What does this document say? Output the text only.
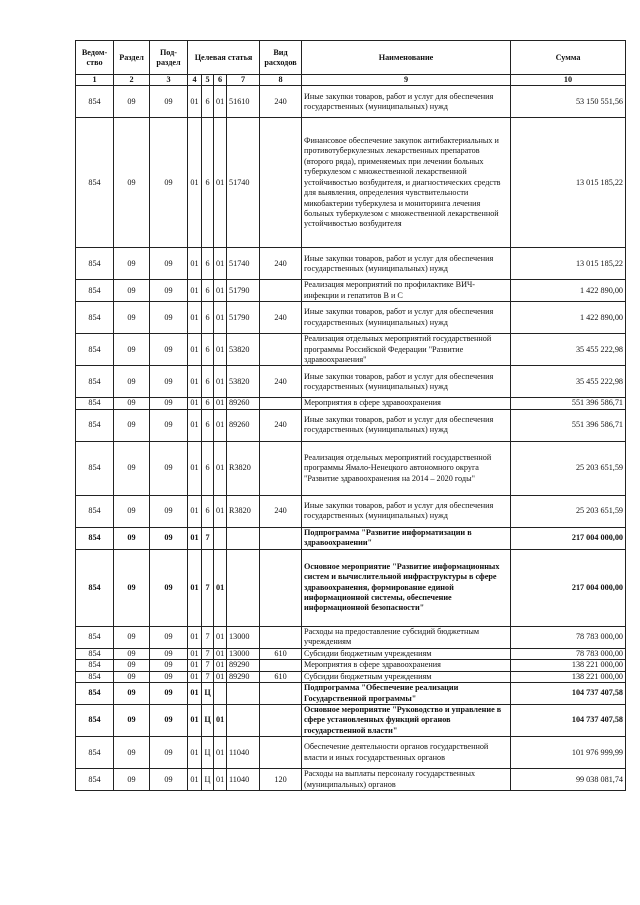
Ведом-ство	Раздел	Под-раздел	Целевая статья				Вид расходов	Наименование	Сумма
1	2	3	4	5	6	7	8	9	10
854	09	09	01	6	01	51610	240	Иные закупки товаров, работ и услуг для обеспечения государственных (муниципальных) нужд	53 150 551,56
854	09	09	01	6	01	51740		Финансовое обеспечение закупок антибактериальных и противотуберкулезных лекарственных препаратов (второго ряда), применяемых при лечении больных туберкулезом с множественной лекарственной устойчивостью возбудителя, и диагностических средств для выявления, определения чувствительности микобактерии туберкулеза и мониторинга лечения больных туберкулезом с множественной лекарственной устойчивостью возбудителя	13 015 185,22
854	09	09	01	6	01	51740	240	Иные закупки товаров, работ и услуг для обеспечения государственных (муниципальных) нужд	13 015 185,22
854	09	09	01	6	01	51790		Реализация мероприятий по профилактике ВИЧ-инфекции и гепатитов В и С	1 422 890,00
854	09	09	01	6	01	51790	240	Иные закупки товаров, работ и услуг для обеспечения государственных (муниципальных) нужд	1 422 890,00
854	09	09	01	6	01	53820		Реализация отдельных мероприятий государственной программы Российской Федерации "Развитие здравоохранения"	35 455 222,98
854	09	09	01	6	01	53820	240	Иные закупки товаров, работ и услуг для обеспечения государственных (муниципальных) нужд	35 455 222,98
854	09	09	01	6	01	89260		Мероприятия в сфере здравоохранения	551 396 586,71
854	09	09	01	6	01	89260	240	Иные закупки товаров, работ и услуг для обеспечения государственных (муниципальных) нужд	551 396 586,71
854	09	09	01	6	01	R3820		Реализация отдельных мероприятий государственной программы Ямало-Ненецкого автономного округа "Развитие здравоохранения на 2014 – 2020 годы"	25 203 651,59
854	09	09	01	6	01	R3820	240	Иные закупки товаров, работ и услуг для обеспечения государственных (муниципальных) нужд	25 203 651,59
854	09	09	01	7				Подпрограмма "Развитие информатизации в здравоохранении"	217 004 000,00
854	09	09	01	7	01			Основное мероприятие "Развитие информационных систем и вычислительной инфраструктуры в сфере здравоохранения, формирование единой информационной системы, обеспечение информационной безопасности"	217 004 000,00
854	09	09	01	7	01	13000		Расходы на предоставление субсидий бюджетным учреждениям	78 783 000,00
854	09	09	01	7	01	13000	610	Субсидии бюджетным учреждениям	78 783 000,00
854	09	09	01	7	01	89290		Мероприятия в сфере здравоохранения	138 221 000,00
854	09	09	01	7	01	89290	610	Субсидии бюджетным учреждениям	138 221 000,00
854	09	09	01	Ц				Подпрограмма "Обеспечение реализации Государственной программы"	104 737 407,58
854	09	09	01	Ц	01			Основное мероприятие "Руководство и управление в сфере установленных функций органов государственной власти"	104 737 407,58
854	09	09	01	Ц	01	11040		Обеспечение деятельности органов государственной власти и иных государственных органов	101 976 999,99
854	09	09	01	Ц	01	11040	120	Расходы на выплаты персоналу государственных (муниципальных) органов	99 038 081,74
